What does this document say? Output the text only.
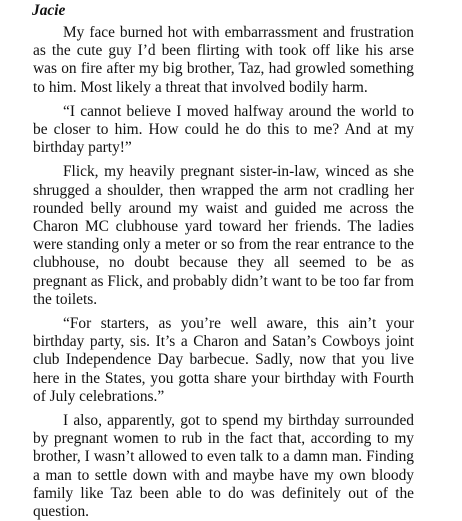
Jacie

My face burned hot with embarrassment and frustration as the cute guy I’d been flirting with took off like his arse was on fire after my big brother, Taz, had growled something to him. Most likely a threat that involved bodily harm.

“I cannot believe I moved halfway around the world to be closer to him. How could he do this to me? And at my birthday party!”

Flick, my heavily pregnant sister-in-law, winced as she shrugged a shoulder, then wrapped the arm not cradling her rounded belly around my waist and guided me across the Charon MC clubhouse yard toward her friends. The ladies were standing only a meter or so from the rear entrance to the clubhouse, no doubt because they all seemed to be as pregnant as Flick, and probably didn’t want to be too far from the toilets.

“For starters, as you’re well aware, this ain’t your birthday party, sis. It’s a Charon and Satan’s Cowboys joint club Independence Day barbecue. Sadly, now that you live here in the States, you gotta share your birthday with Fourth of July celebrations.”

I also, apparently, got to spend my birthday surrounded by pregnant women to rub in the fact that, according to my brother, I wasn’t allowed to even talk to a damn man. Finding a man to settle down with and maybe have my own bloody family like Taz been able to do was definitely out of the question.
